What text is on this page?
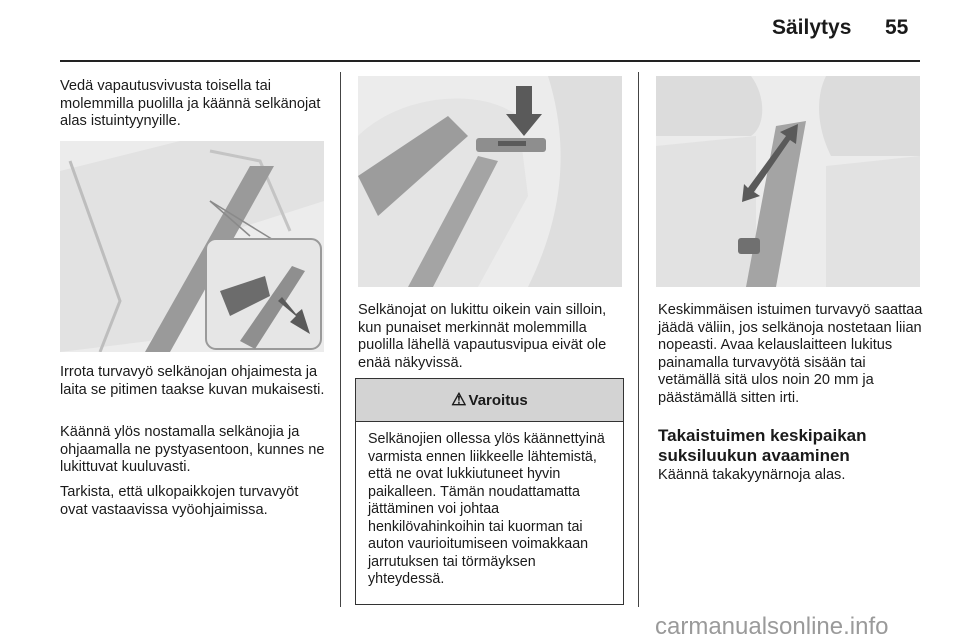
Säilytys 55
Vedä vapautusvivusta toisella tai molemmilla puolilla ja käännä selkänojat alas istuintyynyille.
Irrota turvavyö selkänojan ohjaimesta ja laita se pitimen taakse kuvan mukaisesti.
Käännä ylös nostamalla selkänojia ja ohjaamalla ne pystyasentoon, kunnes ne lukittuvat kuuluvasti.
Tarkista, että ulkopaikkojen turvavyöt ovat vastaavissa vyöohjaimissa.
Selkänojat on lukittu oikein vain silloin, kun punaiset merkinnät molemmilla puolilla lähellä vapautusvipua eivät ole enää näkyvissä.
⚠ Varoitus
Selkänojien ollessa ylös käännettyinä varmista ennen liikkeelle lähtemistä, että ne ovat lukkiutuneet hyvin paikalleen. Tämän noudattamatta jättäminen voi johtaa henkilövahinkoihin tai kuorman tai auton vaurioitumiseen voimakkaan jarrutuksen tai törmäyksen yhteydessä.
Keskimmäisen istuimen turvavyö saattaa jäädä väliin, jos selkänoja nostetaan liian nopeasti. Avaa kelauslaitteen lukitus painamalla turvavyötä sisään tai vetämällä sitä ulos noin 20 mm ja päästämällä sitten irti.
Takaistuimen keskipaikan suksiluukun avaaminen
Käännä takakyynärnoja alas.
carmanualsonline.info
